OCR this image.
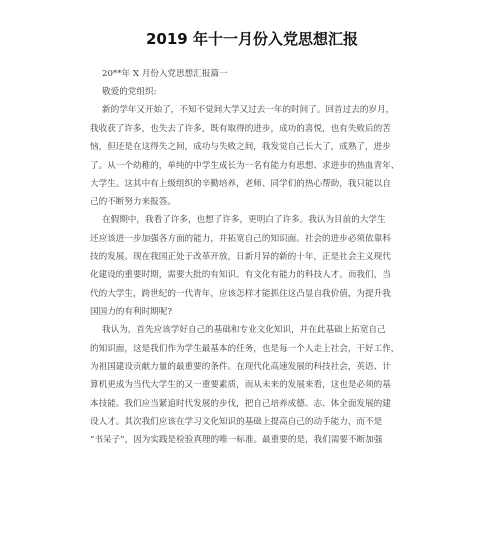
2019 年十一月份入党思想汇报
20**年 X 月份入党思想汇报篇一
敬爱的党组织:
新的学年又开始了，不知不觉间大学又过去一年的时间了。回首过去的岁月，
我收获了许多，也失去了许多，既有取得的进步，成功的喜悦，也有失败后的苦
恼，但还是在这得失之间，成功与失败之间，我发觉自己长大了，成熟了，进步
了。从一个幼稚的，单纯的中学生成长为一名有能力有思想、求进步的热血青年、
大学生。这其中有上级组织的辛勤培养，老师、同学们的热心帮助，我只能以自
己的不断努力来报答。
在假期中，我看了许多，也想了许多，更明白了许多。我认为目前的大学生
还应该进一步加强各方面的能力，并拓宽自己的知识面。社会的进步必须依靠科
技的发展。现在我国正处于改革开放，日新月异的新的十年，正是社会主义现代
化建设的重要时期，需要大批的有知识、有文化有能力的科技人才。而我们，当
代的大学生，跨世纪的一代青年，应该怎样才能抓住这凸显自我价值，为提升我
国国力的有利时期呢?
我认为，首先应该学好自己的基础和专业文化知识，并在此基础上拓宽自己
的知识面，这是我们作为学生最基本的任务，也是每一个人走上社会，干好工作，
为祖国建设贡献力量的最重要的条件。在现代化高速发展的科技社会，英语、计
算机更成为当代大学生的又一重要素质，而从未来的发展来看，这也是必须的基
本技能。我们应当紧追时代发展的步伐，把自己培养成德、志、体全面发展的建
设人才。其次我们应该在学习文化知识的基础上提高自己的动手能力，而不是
“书呆子”，因为实践是检验真理的唯一标准。最重要的是，我们需要不断加强
